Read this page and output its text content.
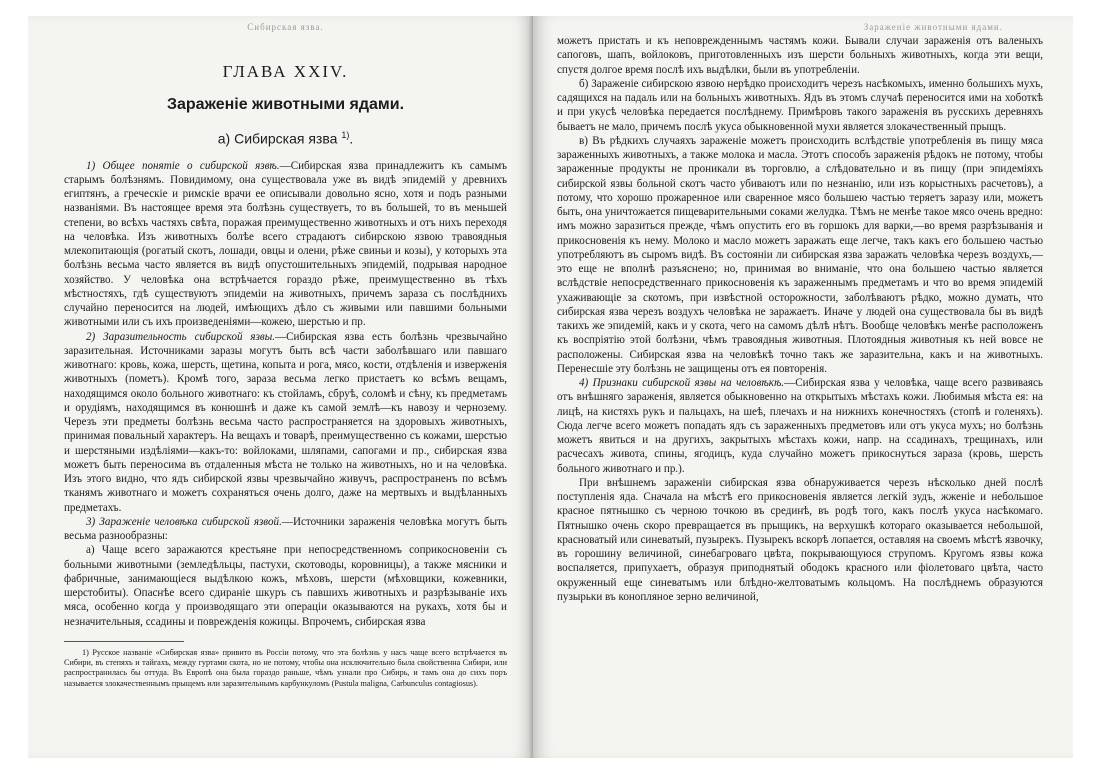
Сибирская язва.
ГЛАВА XXIV.
Зараженіе животными ядами.
а) Сибирская язва $^{1)}$.

1) Общее понятіе о сибирской язвѣ.—Сибирская язва принадлежитъ къ самымъ старымъ болѣзнямъ. Повидимому, она существовала уже въ видѣ эпидемій у древнихъ египтянъ, а греческіе и римскіе врачи ее описывали довольно ясно, хотя и подъ разными названіями. Въ настоящее время эта болѣзнь существуетъ, то въ большей, то въ меньшей степени, во всѣхъ частяхъ свѣта, поражая преимущественно животныхъ и отъ нихъ переходя на человѣка. Изъ животныхъ болѣе всего страдаютъ сибирскою язвою травоядныя млекопитающія (рогатый скотъ, лошади, овцы и олени, рѣже свиньи и козы), у которыхъ эта болѣзнь весьма часто является въ видѣ опустошительныхъ эпидемій, подрывая народное хозяйство. У человѣка она встрѣчается гораздо рѣже, преимущественно въ тѣхъ мѣстностяхъ, гдѣ существуютъ эпидеміи на животныхъ, причемъ зараза съ послѣднихъ случайно переносится на людей, имѣющихъ дѣло съ живыми или павшими больными животными или съ ихъ произведеніями—кожею, шерстью и пр.

2) Заразительность сибирской язвы.—Сибирская язва есть болѣзнь чрезвычайно заразительная. Источниками заразы могутъ быть всѣ части заболѣвшаго или павшаго животнаго: кровь, кожа, шерсть, щетина, копыта и рога, мясо, кости, отдѣленія и изверженія животныхъ (пометъ). Кромѣ того, зараза весьма легко пристаетъ ко всѣмъ вещамъ, находящимся около больного животнаго: къ стойламъ, сбруѣ, соломѣ и сѣну, къ предметамъ и орудіямъ, находящимся въ конюшнѣ и даже къ самой землѣ—къ навозу и чернозему. Черезъ эти предметы болѣзнь весьма часто распространяется на здоровыхъ животныхъ, принимая повальный характеръ. На вещахъ и товарѣ, преимущественно съ кожами, шерстью и шерстяными издѣліями—какъ-то: войлоками, шляпами, сапогами и пр., сибирская язва можетъ быть переносима въ отдаленныя мѣста не только на животныхъ, но и на человѣка. Изъ этого видно, что ядъ сибирской язвы чрезвычайно живучъ, распространенъ по всѣмъ тканямъ животнаго и можетъ сохраняться очень долго, даже на мертвыхъ и выдѣланныхъ предметахъ.

3) Зараженіе человѣка сибирской язвой.—Источники зараженія человѣка могутъ быть весьма разнообразны:

а) Чаще всего заражаются крестьяне при непосредственномъ соприкосновеніи съ больными животными (земледѣльцы, пастухи, скотоводы, коровницы), а также мясники и фабричные, занимающіеся выдѣлкою кожъ, мѣховъ, шерсти (мѣховщики, кожевники, шерстобиты). Опаснѣе всего сдираніе шкуръ съ павшихъ животныхъ и разрѣзываніе ихъ мяса, особенно когда у производящаго эти операціи оказываются на рукахъ, хотя бы и незначительныя, ссадины и поврежденія кожицы. Впрочемъ, сибирская язва

1) Русское названіе «Сибирская язва» привито въ Россіи потому, что эта болѣзнь у насъ чаще всего встрѣчается въ Сибири, въ степяхъ и тайгахъ, между гуртами скота, но не потому, чтобы она исключительно была свойственна Сибири, или распространилась бы оттуда. Въ Европѣ она была гораздо раньше, чѣмъ узнали про Сибирь, и тамъ она до сихъ поръ называется злокачественнымъ прыщемъ или заразительнымъ карбункуломъ (Pustula maligna, Carbunculus contagiosus).

Зараженіе животными ядами.

можетъ пристать и къ неповрежденнымъ частямъ кожи. Бывали случаи зараженія отъ валеныхъ сапоговъ, шапъ, войлоковъ, приготовленныхъ изъ шерсти больныхъ животныхъ, когда эти вещи, спустя долгое время послѣ ихъ выдѣлки, были въ употребленіи.

б) Зараженіе сибирскою язвою нерѣдко происходитъ черезъ насѣкомыхъ, именно большихъ мухъ, садящихся на падаль или на больныхъ животныхъ. Ядъ въ этомъ случаѣ переносится ими на хоботкѣ и при укусѣ человѣка передается послѣднему. Примѣровъ такого зараженія въ русскихъ деревняхъ бываетъ не мало, причемъ послѣ укуса обыкновенной мухи является злокачественный прыщъ.

в) Въ рѣдкихъ случаяхъ зараженіе можетъ происходить вслѣдствіе употребленія въ пищу мяса зараженныхъ животныхъ, а также молока и масла. Этотъ способъ зараженія рѣдокъ не потому, чтобы зараженные продукты не проникали въ торговлю, а слѣдовательно и въ пищу (при эпидеміяхъ сибирской язвы больной скотъ часто убиваютъ или по незнанію, или изъ корыстныхъ расчетовъ), а потому, что хорошо прожаренное или сваренное мясо большею частью теряетъ заразу или, можетъ быть, она уничтожается пищеварительными соками желудка. Тѣмъ не менѣе такое мясо очень вредно: имъ можно заразиться прежде, чѣмъ опустить его въ горшокъ для варки,—во время разрѣзыванія и прикосновенія къ нему. Молоко и масло можетъ заражать еще легче, такъ какъ его большею частью употребляютъ въ сыромъ видѣ. Въ состояніи ли сибирская язва заражать человѣка черезъ воздухъ,—это еще не вполнѣ разъяснено; но, принимая во вниманіе, что она большею частью является вслѣдствіе непосредственнаго прикосновенія къ зараженнымъ предметамъ и что во время эпидемій ухаживающіе за скотомъ, при извѣстной осторожности, заболѣваютъ рѣдко, можно думать, что сибирская язва черезъ воздухъ человѣка не заражаетъ. Иначе у людей она существовала бы въ видѣ такихъ же эпидемій, какъ и у скота, чего на самомъ дѣлѣ нѣтъ. Вообще человѣкъ менѣе расположенъ къ воспріятію этой болѣзни, чѣмъ травоядныя животныя. Плотоядныя животныя къ ней вовсе не расположены. Сибирская язва на человѣкѣ точно такъ же заразительна, какъ и на животныхъ. Перенесшіе эту болѣзнь не защищены отъ ея повторенія.

4) Признаки сибирской язвы на человѣкѣ.—Сибирская язва у человѣка, чаще всего развиваясь отъ внѣшняго зараженія, является обыкновенно на открытыхъ мѣстахъ кожи. Любимыя мѣста ея: на лицѣ, на кистяхъ рукъ и пальцахъ, на шеѣ, плечахъ и на нижнихъ конечностяхъ (стопѣ и голеняхъ). Сюда легче всего можетъ попадать ядъ съ зараженныхъ предметовъ или отъ укуса мухъ; но болѣзнь можетъ явиться и на другихъ, закрытыхъ мѣстахъ кожи, напр. на ссадинахъ, трещинахъ, или расчесахъ живота, спины, ягодицъ, куда случайно можетъ прикоснуться зараза (кровь, шерсть больного животнаго и пр.).

При внѣшнемъ зараженіи сибирская язва обнаруживается черезъ нѣсколько дней послѣ поступленія яда. Сначала на мѣстѣ его прикосновенія является легкій зудъ, жженіе и небольшое красное пятнышко съ черною точкою въ срединѣ, въ родѣ того, какъ послѣ укуса насѣкомаго. Пятнышко очень скоро превращается въ прыщикъ, на верхушкѣ котораго оказывается небольшой, красноватый или синеватый, пузырекъ. Пузырекъ вскорѣ лопается, оставляя на своемъ мѣстѣ язвочку, въ горошину величиной, синебагроваго цвѣта, покрывающуюся струпомъ. Кругомъ язвы кожа воспаляется, припухаетъ, образуя приподнятый ободокъ красного или фіолетоваго цвѣта, часто окруженный еще синеватымъ или блѣдно-желтоватымъ кольцомъ. На послѣднемъ образуются пузырьки въ конопляное зерно величиной,
